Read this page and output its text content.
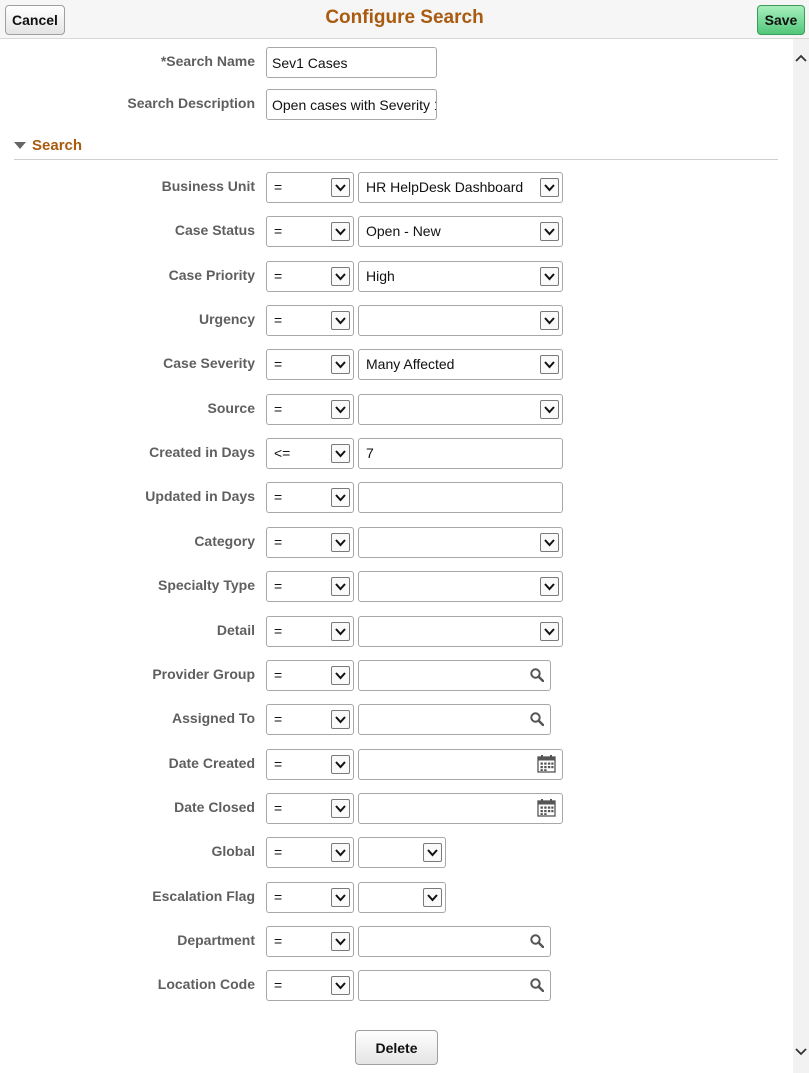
Cancel	Configure Search	Save
*Search Name
Sev1 Cases
Search Description
Open cases with Severity 1
Search
Business Unit =	HR HelpDesk Dashboard
Case Status =	Open - New
Case Priority =	High
Urgency =
Case Severity =	Many Affected
Source =
Created in Days <=	7
Updated in Days =
Category =
Specialty Type =
Detail =
Provider Group =
Assigned To =
Date Created =
Date Closed =
Global =
Escalation Flag =
Department =
Location Code =
Delete
